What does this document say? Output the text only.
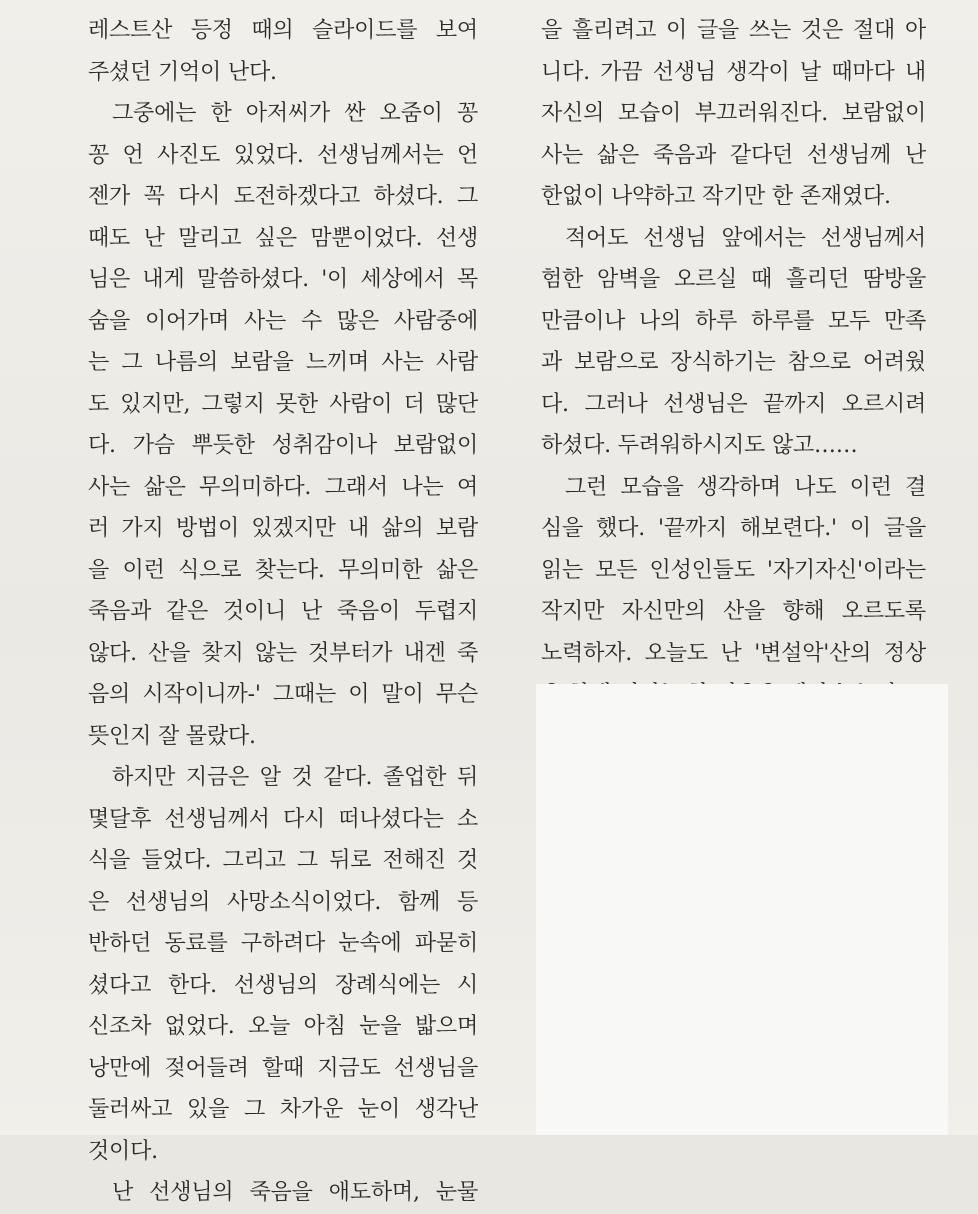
레스트산 등정 때의 슬라이드를 보여
주셨던 기억이 난다.
그중에는 한 아저씨가 싼 오줌이 꽁
꽁 언 사진도 있었다. 선생님께서는 언
젠가 꼭 다시 도전하겠다고 하셨다. 그
때도 난 말리고 싶은 맘뿐이었다. 선생
님은 내게 말씀하셨다. '이 세상에서 목
숨을 이어가며 사는 수 많은 사람중에
는 그 나름의 보람을 느끼며 사는 사람
도 있지만, 그렇지 못한 사람이 더 많단
다. 가슴 뿌듯한 성취감이나 보람없이
사는 삶은 무의미하다. 그래서 나는 여
러 가지 방법이 있겠지만 내 삶의 보람
을 이런 식으로 찾는다. 무의미한 삶은
죽음과 같은 것이니 난 죽음이 두렵지
않다. 산을 찾지 않는 것부터가 내겐 죽
음의 시작이니까-' 그때는 이 말이 무슨
뜻인지 잘 몰랐다.
하지만 지금은 알 것 같다. 졸업한 뒤
몇달후 선생님께서 다시 떠나셨다는 소
식을 들었다. 그리고 그 뒤로 전해진 것
은 선생님의 사망소식이었다. 함께 등
반하던 동료를 구하려다 눈속에 파묻히
셨다고 한다. 선생님의 장례식에는 시
신조차 없었다. 오늘 아침 눈을 밟으며
낭만에 젖어들려 할때 지금도 선생님을
둘러싸고 있을 그 차가운 눈이 생각난
것이다.
난 선생님의 죽음을 애도하며, 눈물
을 흘리려고 이 글을 쓰는 것은 절대 아
니다. 가끔 선생님 생각이 날 때마다 내
자신의 모습이 부끄러워진다. 보람없이
사는 삶은 죽음과 같다던 선생님께 난
한없이 나약하고 작기만 한 존재였다.
적어도 선생님 앞에서는 선생님께서
험한 암벽을 오르실 때 흘리던 땀방울
만큼이나 나의 하루 하루를 모두 만족
과 보람으로 장식하기는 참으로 어려웠
다. 그러나 선생님은 끝까지 오르시려
하셨다. 두려워하시지도 않고……
그런 모습을 생각하며 나도 이런 결
심을 했다. '끝까지 해보련다.' 이 글을
읽는 모든 인성인들도 '자기자신'이라는
작지만 자신만의 산을 향해 오르도록
노력하자. 오늘도 난 '변설악'산의 정상
